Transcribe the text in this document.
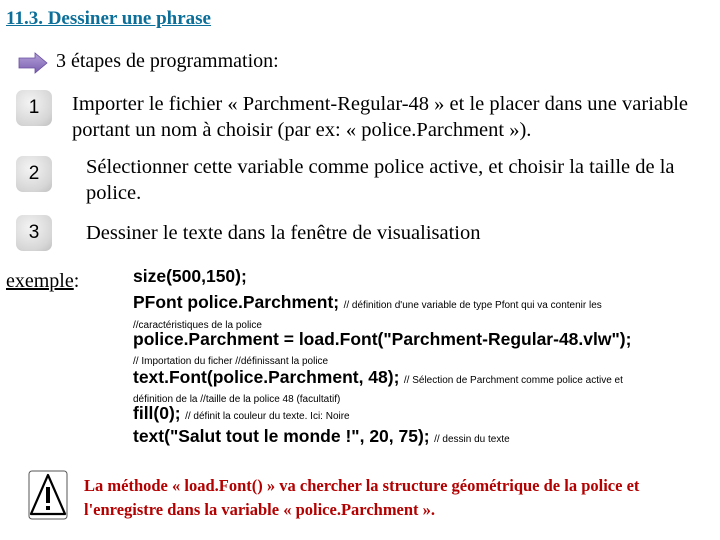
11.3. Dessiner une phrase
3 étapes de programmation:
1 Importer le fichier « Parchment-Regular-48 » et le placer dans une variable portant un nom à choisir (par ex: « police.Parchment »).
2 Sélectionner cette variable comme police active, et choisir la taille de la police.
3 Dessiner le texte dans la fenêtre de visualisation
exemple:	size(500,150);
PFont police.Parchment; // définition d'une variable de type Pfont qui va contenir les
//caractéristiques de la police
police.Parchment = load.Font("Parchment-Regular-48.vlw");
// Importation du ficher //définissant la police
text.Font(police.Parchment, 48); // Sélection de Parchment comme police active et
définition de la //taille de la police 48 (facultatif)
fill(0); // définit la couleur du texte. Ici: Noire
text("Salut tout le monde !", 20, 75); // dessin du texte
La méthode « load.Font() » va chercher la structure géométrique de la police et l'enregistre dans la variable « police.Parchment ».
